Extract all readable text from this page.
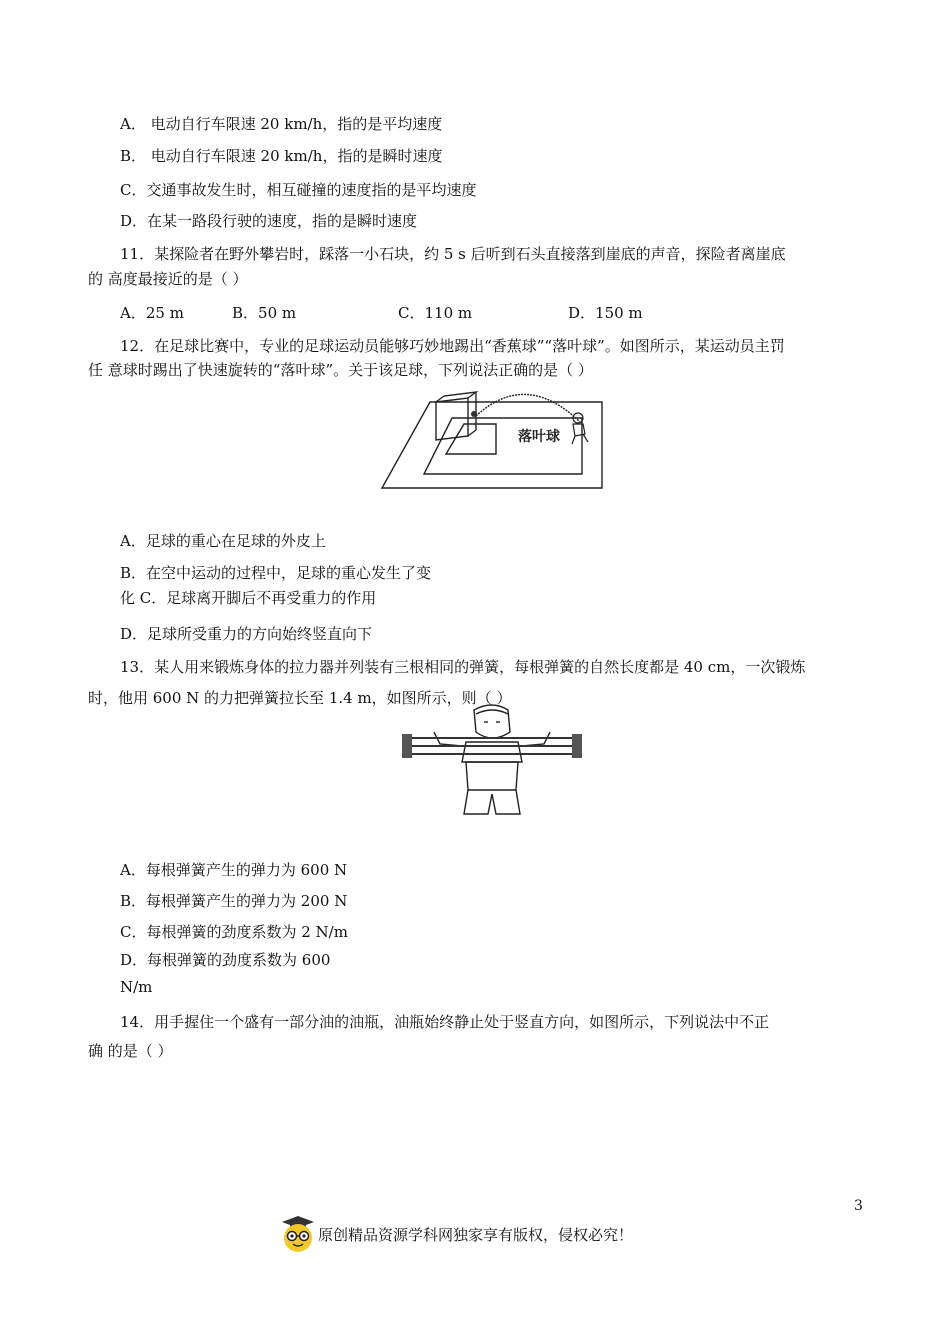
A． 电动自行车限速 20 km/h，指的是平均速度
B． 电动自行车限速 20 km/h，指的是瞬时速度
C．交通事故发生时，相互碰撞的速度指的是平均速度
D．在某一路段行驶的速度，指的是瞬时速度
11．某探险者在野外攀岩时，踩落一小石块，约 5 s 后听到石头直接落到崖底的声音，探险者离崖底
的 高度最接近的是（ ）
A．25 m	B．50 m	C．110 m	D．150 m
12．在足球比赛中，专业的足球运动员能够巧妙地踢出“香蕉球”“落叶球”。如图所示，某运动员主罚
任 意球时踢出了快速旋转的“落叶球”。关于该足球，下列说法正确的是（ ）
落叶球
A．足球的重心在足球的外皮上
B．在空中运动的过程中，足球的重心发生了变
化 C．足球离开脚后不再受重力的作用
D．足球所受重力的方向始终竖直向下
13．某人用来锻炼身体的拉力器并列装有三根相同的弹簧，每根弹簧的自然长度都是 40 cm，一次锻炼
时，他用 600 N 的力把弹簧拉长至 1.4 m，如图所示，则（ ）
A．每根弹簧产生的弹力为 600 N
B．每根弹簧产生的弹力为 200 N
C．每根弹簧的劲度系数为 2 N/m
D．每根弹簧的劲度系数为 600
N/m
14．用手握住一个盛有一部分油的油瓶，油瓶始终静止处于竖直方向，如图所示，下列说法中不正
确 的是（ ）
3
原创精品资源学科网独家享有版权，侵权必究！
